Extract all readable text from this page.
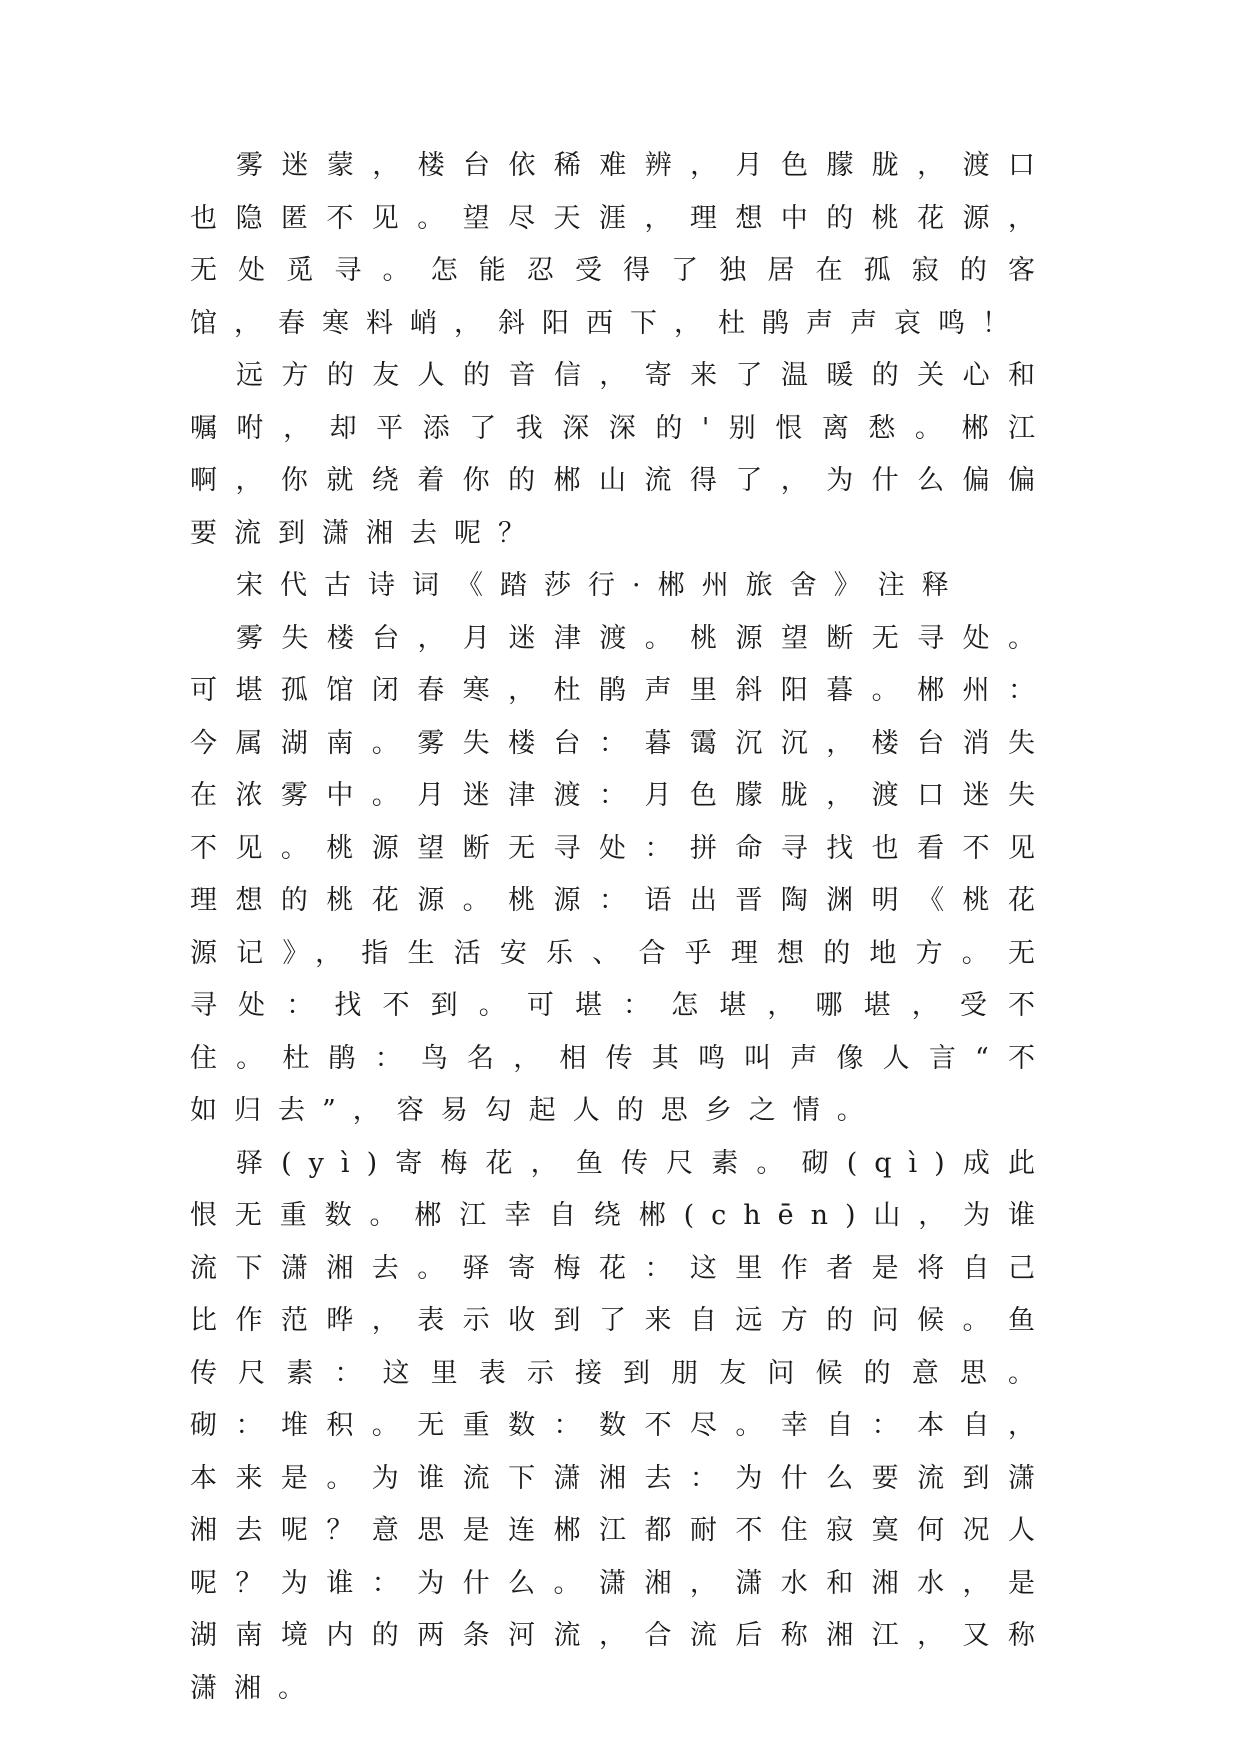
雾迷蒙，楼台依稀难辨，月色朦胧，渡口也隐匿不见。望尽天涯，理想中的桃花源，无处觅寻。怎能忍受得了独居在孤寂的客馆，春寒料峭，斜阳西下，杜鹃声声哀鸣！

远方的友人的音信，寄来了温暖的关心和嘱咐，却平添了我深深的'别恨离愁。郴江啊，你就绕着你的郴山流得了，为什么偏偏要流到潇湘去呢？

宋代古诗词《踏莎行·郴州旅舍》注释

雾失楼台，月迷津渡。桃源望断无寻处。可堪孤馆闭春寒，杜鹃声里斜阳暮。郴州：今属湖南。雾失楼台：暮霭沉沉，楼台消失在浓雾中。月迷津渡：月色朦胧，渡口迷失不见。桃源望断无寻处：拼命寻找也看不见理想的桃花源。桃源：语出晋陶渊明《桃花源记》，指生活安乐、合乎理想的地方。无寻处：找不到。可堪：怎堪，哪堪，受不住。杜鹃：鸟名，相传其鸣叫声像人言“不如归去”，容易勾起人的思乡之情。

驿(yì)寄梅花，鱼传尺素。砌(qì)成此恨无重数。郴江幸自绕郴(chēn)山，为谁流下潇湘去。驿寄梅花：这里作者是将自己比作范晔，表示收到了来自远方的问候。鱼传尺素：这里表示接到朋友问候的意思。砌：堆积。无重数：数不尽。幸自：本自，本来是。为谁流下潇湘去：为什么要流到潇湘去呢？意思是连郴江都耐不住寂寞何况人呢？为谁：为什么。潇湘，潇水和湘水，是湖南境内的两条河流，合流后称湘江，又称潇湘。
